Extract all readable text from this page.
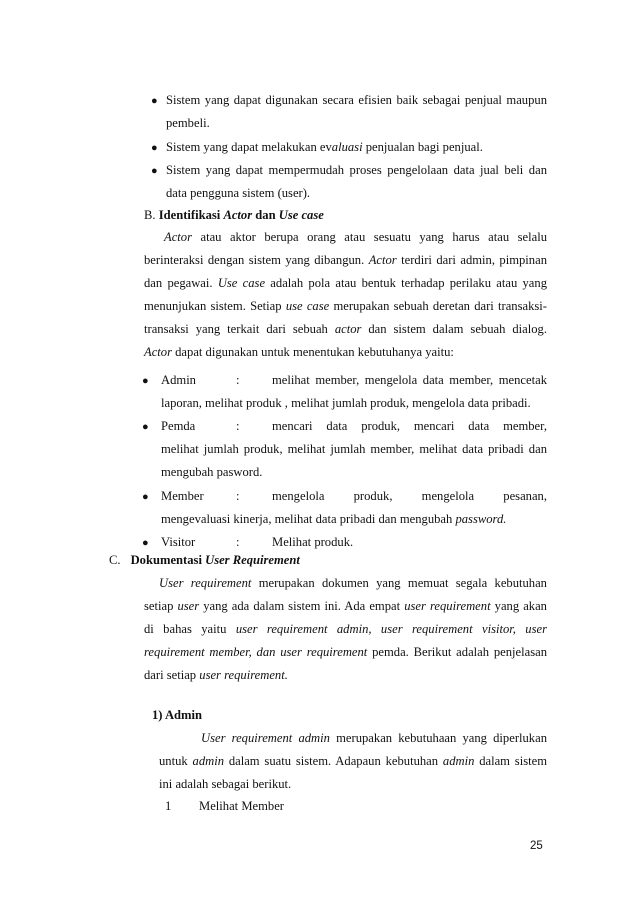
● Sistem yang dapat digunakan secara efisien baik sebagai penjual maupun
pembeli.
● Sistem yang dapat melakukan evaluasi penjualan bagi penjual.
● Sistem yang dapat mempermudah proses pengelolaan data jual beli dan
data pengguna sistem (user).
B. Identifikasi Actor dan Use case
Actor atau aktor berupa orang atau sesuatu yang harus atau selalu
berinteraksi dengan sistem yang dibangun. Actor terdiri dari admin, pimpinan
dan pegawai. Use case adalah pola atau bentuk terhadap perilaku atau yang
menunjukan sistem. Setiap use case merupakan sebuah deretan dari transaksi-
transaksi yang terkait dari sebuah actor dan sistem dalam sebuah dialog.
Actor dapat digunakan untuk menentukan kebutuhanya yaitu:
● Admin	:	melihat member, mengelola data member, mencetak
laporan, melihat produk , melihat jumlah produk, mengelola data pribadi.
● Pemda	:	mencari data produk, mencari data member,
melihat jumlah produk, melihat jumlah member, melihat data pribadi dan
mengubah pasword.
● Member	:	mengelola produk, mengelola pesanan,
mengevaluasi kinerja, melihat data pribadi dan mengubah password.
● Visitor	:	Melihat produk.
C. Dokumentasi User Requirement
User requirement merupakan dokumen yang memuat segala kebutuhan
setiap user yang ada dalam sistem ini. Ada empat user requirement yang akan
di bahas yaitu user requirement admin, user requirement visitor, user
requirement member, dan user requirement pemda. Berikut adalah penjelasan
dari setiap user requirement.
1) Admin
User requirement admin merupakan kebutuhaan yang diperlukan
untuk admin dalam suatu sistem. Adapaun kebutuhan admin dalam sistem
ini adalah sebagai berikut.
1 Melihat Member
25
